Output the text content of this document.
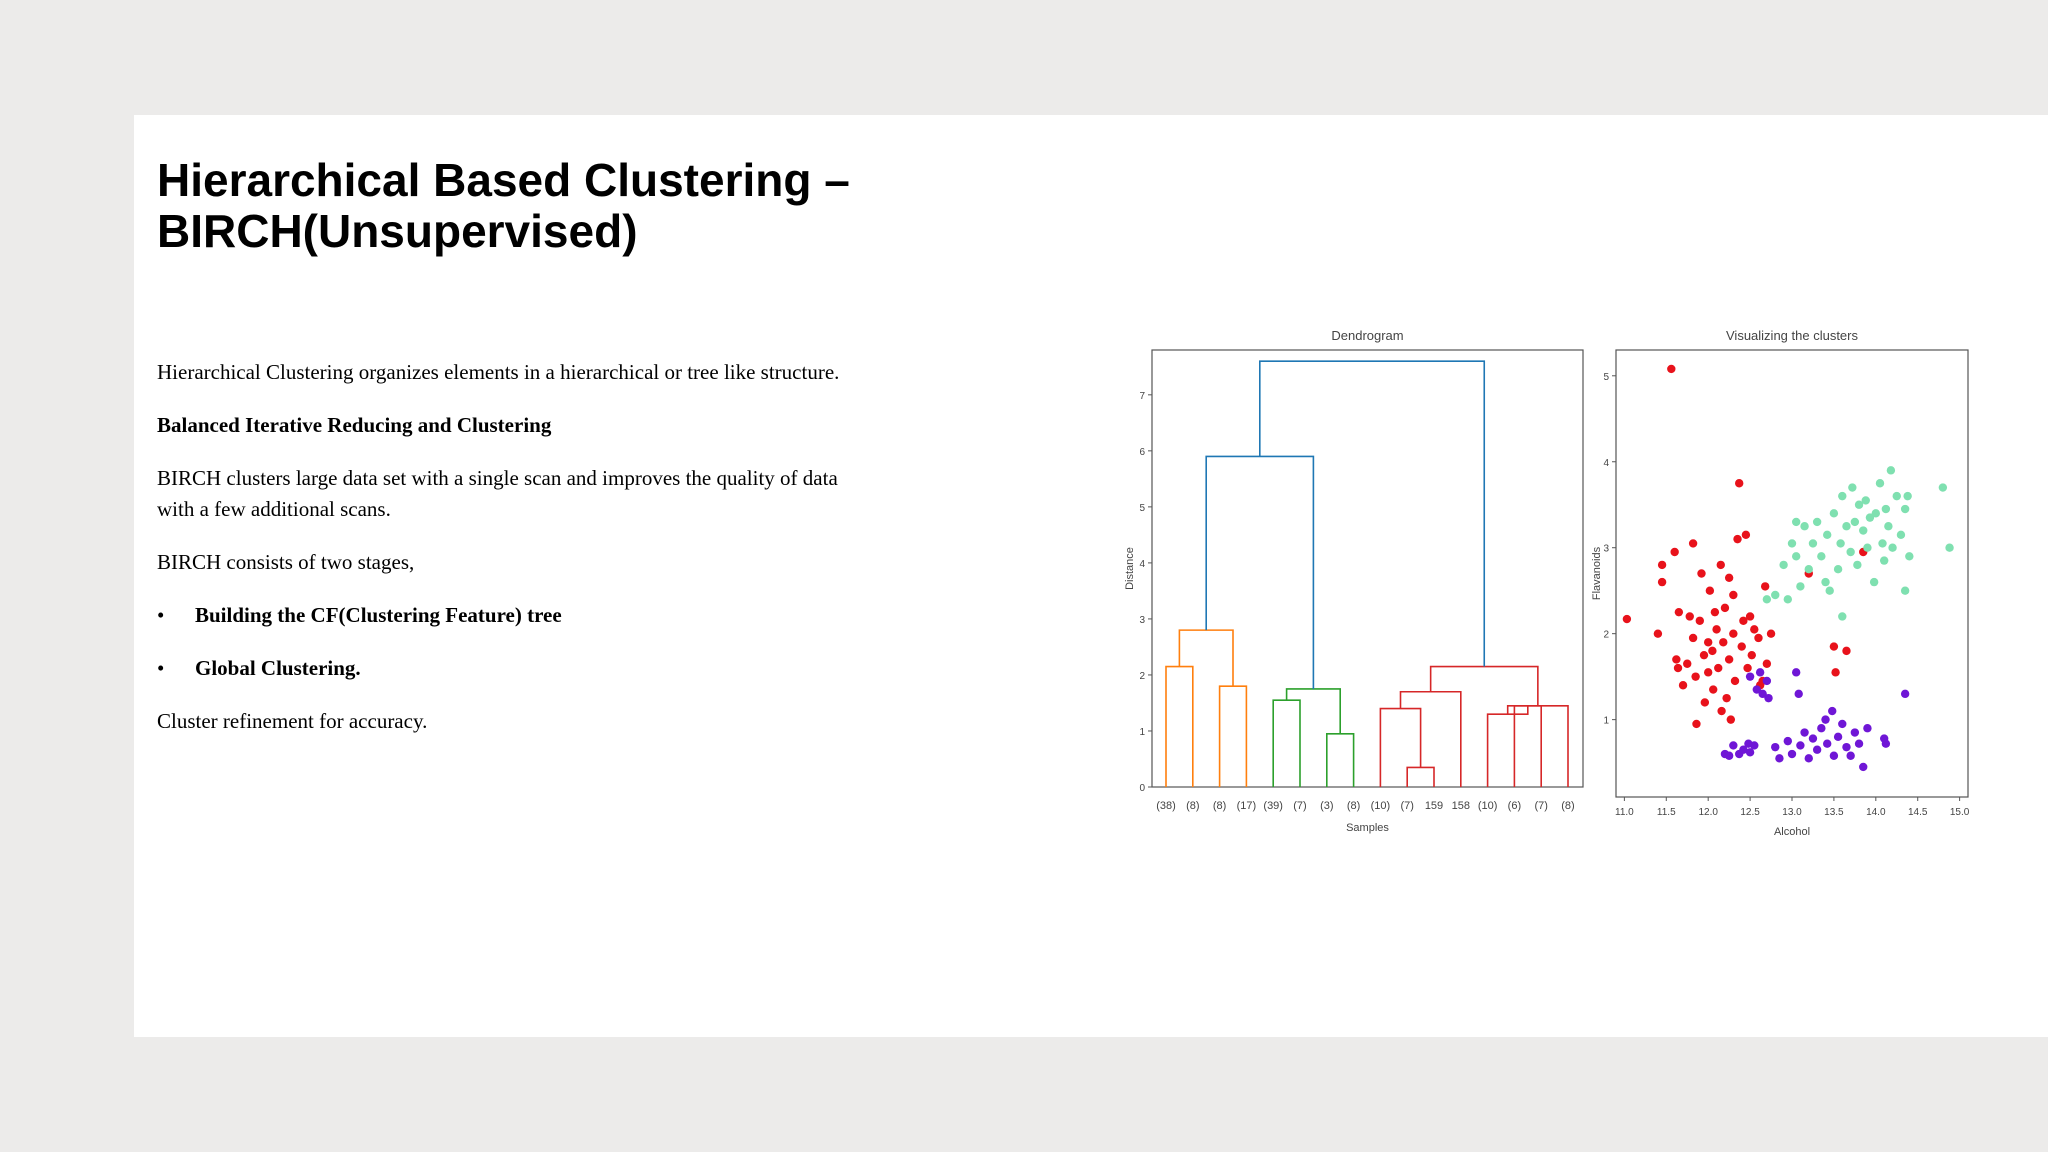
Hierarchical Based Clustering –
BIRCH(Unsupervised)

Hierarchical Clustering organizes elements in a hierarchical or tree like structure.

Balanced Iterative Reducing and Clustering

BIRCH clusters large data set with a single scan and improves the quality of data
with a few additional scans.

BIRCH consists of two stages,

•	Building the CF(Clustering Feature) tree
•	Global Clustering.

Cluster refinement for accuracy.

Dendrogram
Samples
Distance
0
1
2
3
4
5
6
7
(38) (8) (8) (17) (39) (7) (3) (8) (10) (7) 159 158 (10) (6) (7) (8)
Visualizing the clusters
Alcohol
Flavanoids
11.0 11.5 12.0 12.5 13.0 13.5 14.0 14.5 15.0
1
2
3
4
5
